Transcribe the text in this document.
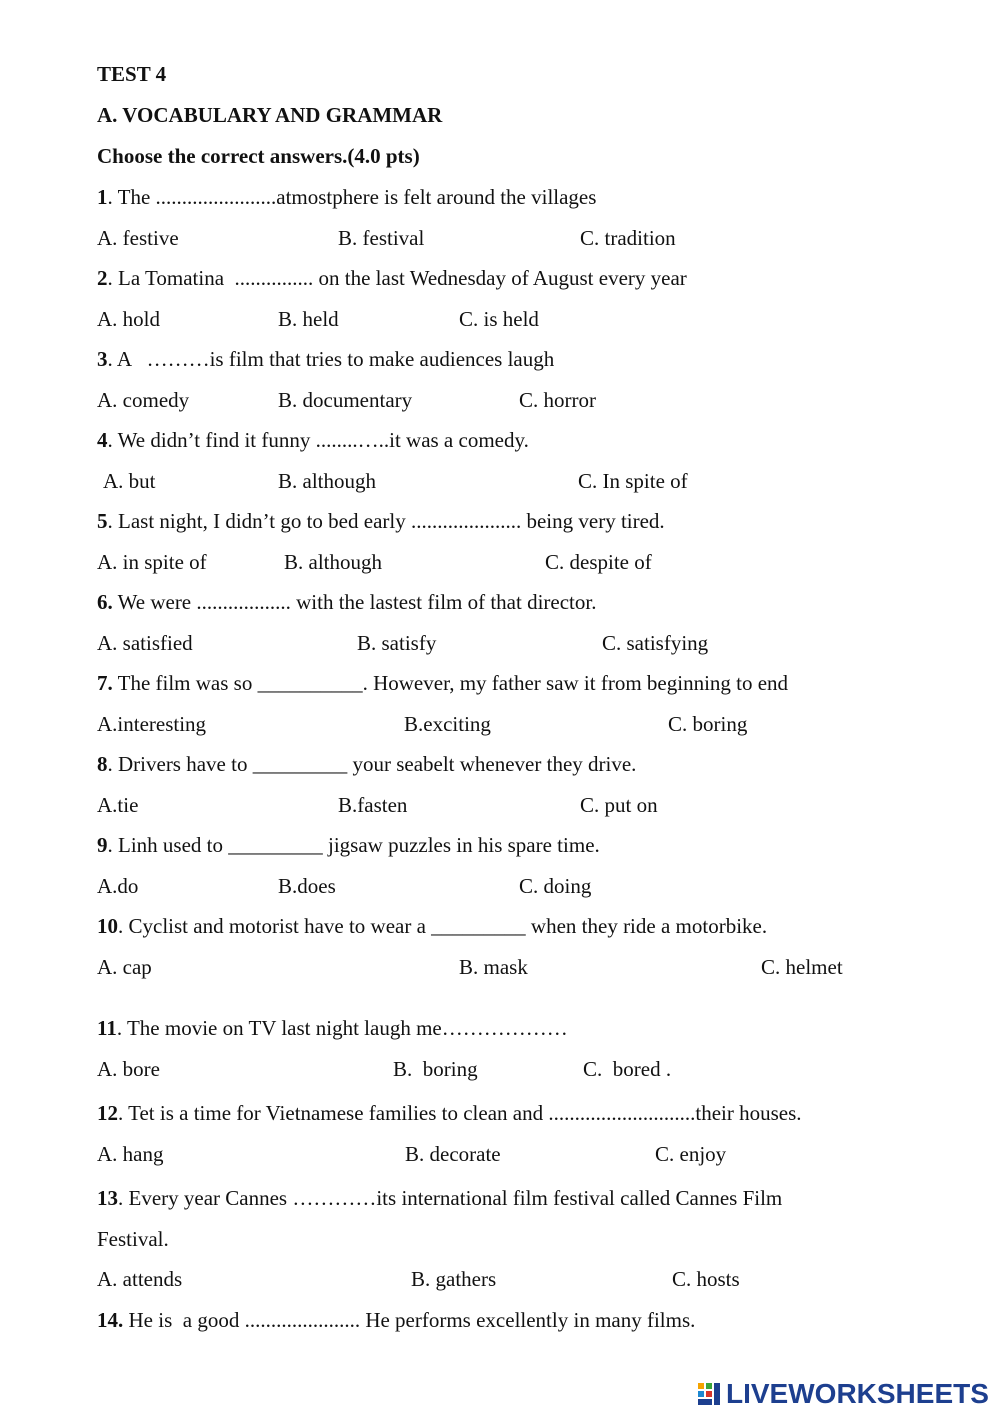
TEST 4
A. VOCABULARY AND GRAMMAR
Choose the correct answers.(4.0 pts)
1. The .......................atmostphere is felt around the villages
A. festive	B. festival	C. tradition
2. La Tomatina  ............... on the last Wednesday of August every year
A. hold	B. held	C. is held
3. A   ………is film that tries to make audiences laugh
A. comedy	B. documentary	C. horror
4. We didn’t find it funny ........…..it was a comedy.
A. but	B. although	C. In spite of
5. Last night, I didn’t go to bed early ..................... being very tired.
A. in spite of	B. although	C. despite of
6. We were .................. with the lastest film of that director.
A. satisfied	B. satisfy	C. satisfying
7. The film was so __________. However, my father saw it from beginning to end
A.interesting	B.exciting	C. boring
8. Drivers have to _________ your seabelt whenever they drive.
A.tie	B.fasten	C. put on
9. Linh used to _________ jigsaw puzzles in his spare time.
A.do	B.does	C. doing
10. Cyclist and motorist have to wear a _________ when they ride a motorbike.
A. cap	B. mask	C. helmet
11. The movie on TV last night laugh me………………
A. bore	B.  boring	C.  bored .
12. Tet is a time for Vietnamese families to clean and ............................their houses.
A. hang	B. decorate	C. enjoy
13. Every year Cannes …………its international film festival called Cannes Film
Festival.
A. attends	B. gathers	C. hosts
14. He is  a good ...................... He performs excellently in many films.
LIVEWORKSHEETS
